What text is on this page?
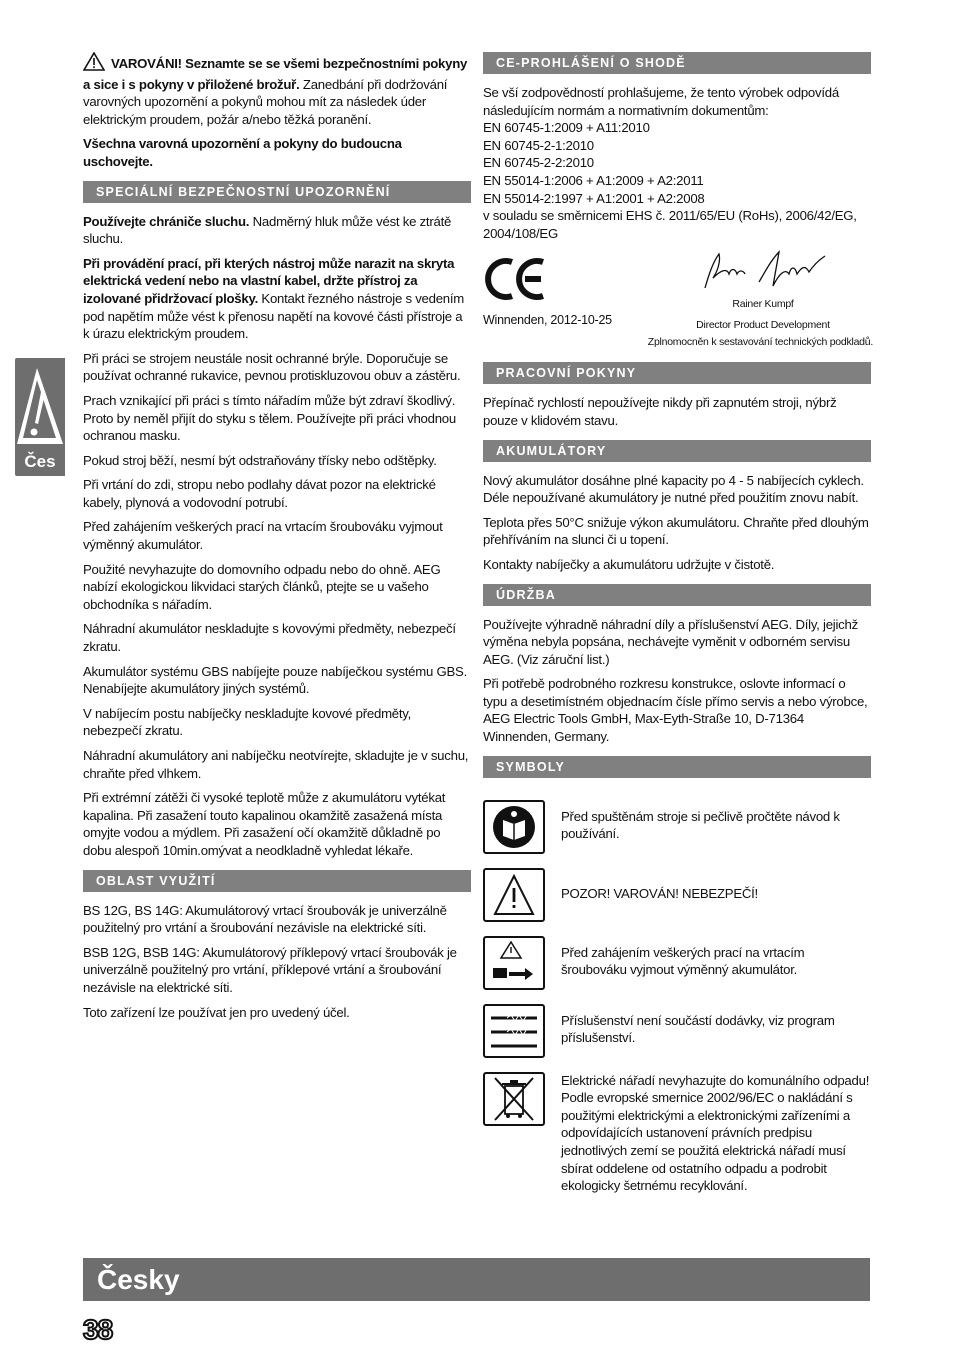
Čes

VAROVÁNI! Seznamte se se všemi bezpečnostními pokyny a sice i s pokyny v přiložené brožuř. Zanedbání při dodržování varovných upozornění a pokynů mohou mít za následek úder elektrickým proudem, požár a/nebo těžká poranění.

Všechna varovná upozornění a pokyny do budoucna uschovejte.

SPECIÁLNÍ BEZPEČNOSTNÍ UPOZORNĚNÍ

Používejte chrániče sluchu. Nadměrný hluk může vést ke ztrátě sluchu.

Při provádění prací, při kterých nástroj může narazit na skryta elektrická vedení nebo na vlastní kabel, držte přístroj za izolované přidržovací plošky. Kontakt řezného nástroje s vedením pod napětím může vést k přenosu napětí na kovové části přístroje a k úrazu elektrickým proudem.

Při práci se strojem neustále nosit ochranné brýle. Doporučuje se používat ochranné rukavice, pevnou protiskluzovou obuv a zástěru.

Prach vznikající při práci s tímto nářadím může být zdraví škodlivý. Proto by neměl přijít do styku s tělem. Používejte při práci vhodnou ochranou masku.

Pokud stroj běží, nesmí být odstraňovány třísky nebo odštěpky.

Při vrtání do zdi, stropu nebo podlahy dávat pozor na elektrické kabely, plynová a vodovodní potrubí.

Před zahájením veškerých prací na vrtacím šroubováku vyjmout výměnný akumulátor.

Použité nevyhazujte do domovního odpadu nebo do ohně. AEG nabízí ekologickou likvidaci starých článků, ptejte se u vašeho obchodníka s nářadím.

Náhradní akumulátor neskladujte s kovovými předměty, nebezpečí zkratu.

Akumulátor systému GBS nabíjejte pouze nabíječkou systému GBS. Nenabíjejte akumulátory jiných systémů.

V nabíjecím postu nabíječky neskladujte kovové předměty, nebezpečí zkratu.

Náhradní akumulátory ani nabíječku neotvírejte, skladujte je v suchu, chraňte před vlhkem.

Při extrémní zátěži či vysoké teplotě může z akumulátoru vytékat kapalina. Při zasažení touto kapalinou okamžitě zasažená místa omyjte vodou a mýdlem. Při zasažení očí okamžitě důkladně po dobu alespoň 10min.omývat a neodkladně vyhledat lékaře.

OBLAST VYUŽITÍ

BS 12G, BS 14G: Akumulátorový vrtací šroubovák je univerzálně použitelný pro vrtání a šroubování nezávisle na elektrické síti.

BSB 12G, BSB 14G: Akumulátorový příklepový vrtací šroubovák je univerzálně použitelný pro vrtání, příklepové vrtání a šroubování nezávisle na elektrické síti.

Toto zařízení lze používat jen pro uvedený účel.

CE-PROHLÁŠENÍ O SHODĚ
Se vší zodpovědností prohlašujeme, že tento výrobek odpovídá následujícím normám a normativním dokumentům:
EN 60745-1:2009 + A11:2010
EN 60745-2-1:2010
EN 60745-2-2:2010
EN 55014-1:2006 + A1:2009 + A2:2011
EN 55014-2:1997 + A1:2001 + A2:2008
v souladu se směrnicemi EHS č. 2011/65/EU (RoHs), 2006/42/EG, 2004/108/EG
Winnenden, 2012-10-25
Rainer Kumpf
Director Product Development
Zplnomocněn k sestavování technických podkladů.
PRACOVNÍ POKYNY

Přepínač rychlostí nepoužívejte nikdy při zapnutém stroji, nýbrž pouze v klidovém stavu.

AKUMULÁTORY

Nový akumulátor dosáhne plné kapacity po 4 - 5 nabíjecích cyklech. Déle nepoužívané akumulátory je nutné před použitím znovu nabít.

Teplota přes 50°C snižuje výkon akumulátoru. Chraňte před dlouhým přehříváním na slunci či u topení.

Kontakty nabíječky a akumulátoru udržujte v čistotě.

ÚDRŽBA

Používejte výhradně náhradní díly a příslušenství AEG. Díly, jejichž výměna nebyla popsána, nechávejte vyměnit v odborném servisu AEG. (Viz záruční list.)

Při potřebě podrobného rozkresu konstrukce, oslovte informací o typu a desetimístném objednacím čísle přímo servis a nebo výrobce, AEG Electric Tools GmbH, Max-Eyth-Straße 10, D-71364 Winnenden, Germany.

SYMBOLY
Před spuštěnám stroje si pečlivě pročtěte návod k používání.
POZOR! VAROVÁN! NEBEZPEČÍ!
Před zahájením veškerých prací na vrtacím šroubováku vyjmout výměnný akumulátor.
Příslušenství není součástí dodávky, viz program příslušenství.
Elektrické nářadí nevyhazujte do komunálního odpadu! Podle evropské smernice 2002/96/EC o nakládání s použitými elektrickými a elektronickými zařízeními a odpovídajících ustanovení právních predpisu jednotlivých zemí se použitá elektrická nářadí musí sbírat oddelene od ostatního odpadu a podrobit ekologicky šetrnému recyklování.
Česky
38
